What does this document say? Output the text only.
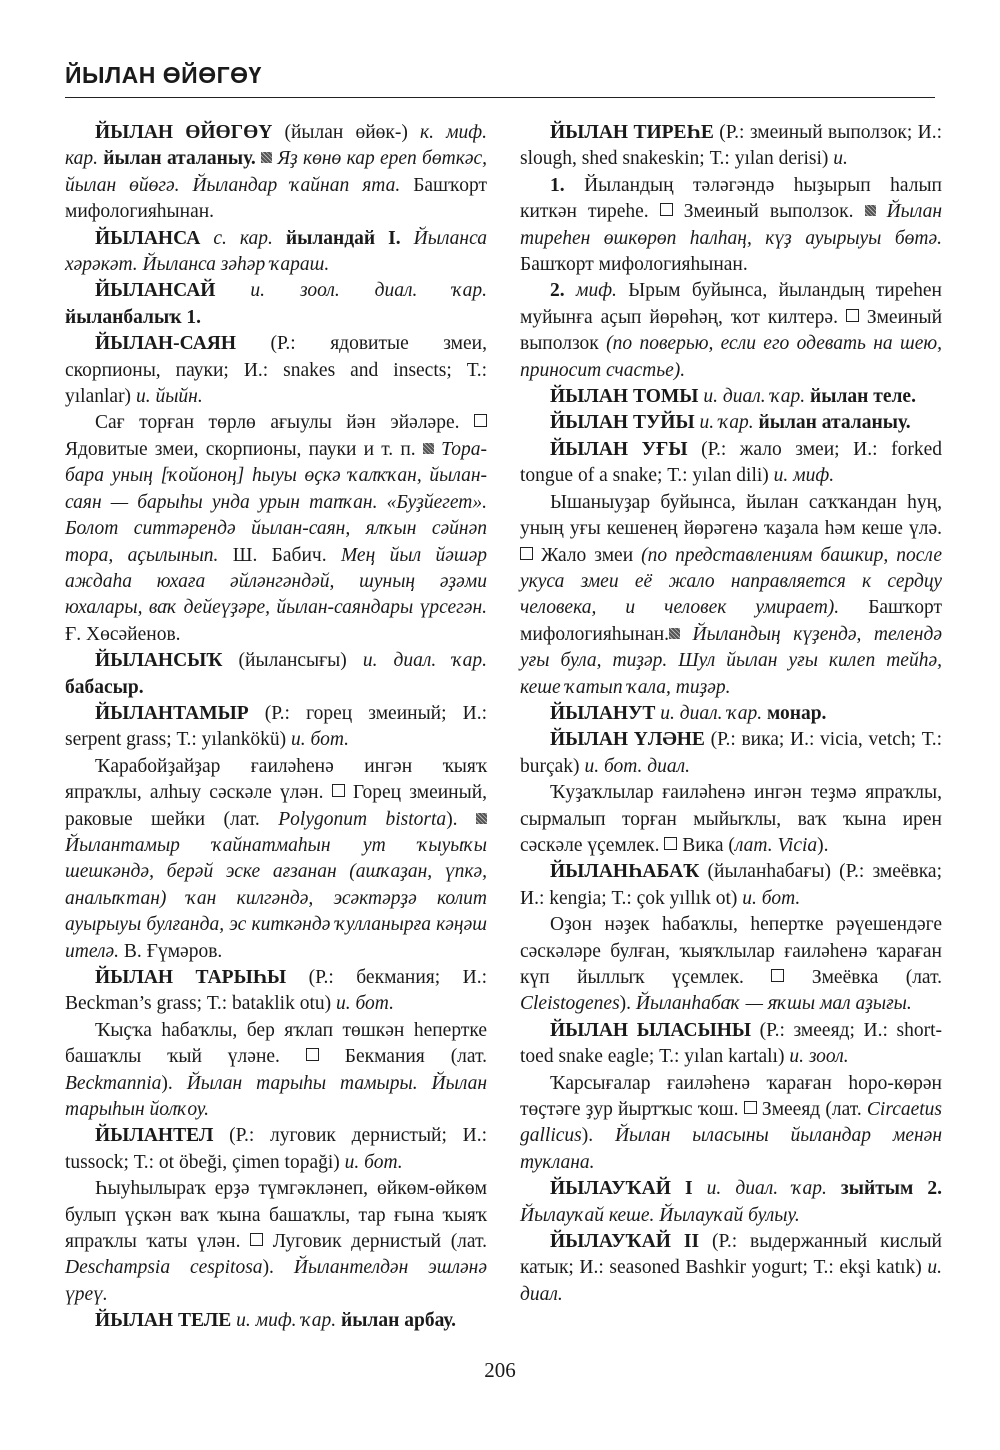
ЙЫЛАН ӨЙӨГӨҮ

ЙЫЛАН ӨЙӨГӨҮ (йылан өйөк-) к. миф. кар. йылан аталаныу.  Яҙ көнө кар ереп бөткәс, йылан өйөгә. Йыландар ҡайнап ята. Башҡорт мифологияһынан.

ЙЫЛАНСА с. кар. йыландай I. Йыланса хәрәкәт. Йыланса зәһәр ҡараш.

ЙЫЛАНСАЙ и. зоол. диал. ҡар. йыланбалыҡ 1.

ЙЫЛАН-САЯН (Р.: ядовитые змеи, скорпионы, пауки; И.: snakes and insects; Т.: yılanlar) и. йыйн.

Сағ торған төрлө ағыулы йән эйәләре.  Ядовитые змеи, скорпионы, пауки и т. п.  Тора-бара уның [ҡойоноң] һыуы өҫкә ҡалҡҡан, йылан-саян — барыһы унда урын тапҡан. «Буҙйегет». Болот ситтәрендә йылан-саян, ялҡын сәйнәп тора, аҫылынып. Ш. Бабич. Мең йыл йәшәр аждаһа юхаға әйләнгәндәй, шуның әҙәми юхалары, ваҡ дейеүҙәре, йылан-саяндары үрсегән. Ғ. Хөсәйенов.

ЙЫЛАНСЫҠ (йылансығы) и. диал. ҡар. бабасыр.

ЙЫЛАНТАМЫР (Р.: горец змеиный; И.: serpent grass; Т.: yılankökü) и. бот.

Ҡарабойҙайҙар ғаиләһенә ингән ҡыяҡ япраҡлы, алһыу сәскәле үлән.  Горец змеиный, раковые шейки (лат. Polygonum bistorta).  Йылантамыр ҡайнатмаһын ут ҡыуыҡы шешкәндә, берәй эске ағзанан (ашҡаҙан, үпкә, аналыҡтан) ҡан килгәндә, эсәктәрҙә колит ауырыуы булғанда, эс киткәндә ҡулланырға кәңәш ителә. В. Ғүмәров.

ЙЫЛАН ТАРЫҺЫ (Р.: бекмания; И.: Beckman’s grass; Т.: bataklik otu) и. бот.

Ҡыҫҡа һабаҡлы, бер яҡлап төшкән һепертке башаҡлы ҡый үләне.  Бекмания (лат. Beckmannia). Йылан тарыһы тамыры. Йылан тарыһын йолҡоу.

ЙЫЛАНТЕЛ (Р.: луговик дернистый; И.: tussock; Т.: ot öbeği, çimen topaği) и. бот.

Һыуһылыраҡ ерҙә түмгәкләнеп, өйкөм-өйкөм булып үҫкән ваҡ ҡына башаҡлы, тар ғына ҡыяҡ япраҡлы ҡаты үлән.  Луговик дернистый (лат. Deschampsia cespitosa). Йылантелдән эшләнә үреү.

ЙЫЛАН ТЕЛЕ и. миф. ҡар. йылан арбау.

ЙЫЛАН ТИРЕҺЕ (Р.: змеиный выползок; И.: slough, shed snakeskin; Т.: yılan derisi) и.

1. Йыландың тәләгәндә һыҙырып һалып киткән тиреһе.  Змеиный выползок.  Йылан тиреһен өшкөрөп һалһаң, күҙ ауырыуы бөтә. Башҡорт мифологияһынан.

2. миф. Ырым буйынса, йыландың тиреһен муйынға аҫып йөрөһәң, ҡот килтерә.  Змеиный выползок (по поверью, если его одевать на шею, приносит счастье).

ЙЫЛАН ТОМЫ и. диал. ҡар. йылан теле.

ЙЫЛАН ТУЙЫ и. ҡар. йылан аталаныу.

ЙЫЛАН УҒЫ (Р.: жало змеи; И.: forked tongue of a snake; Т.: yılan dili) и. миф.

Ышаныуҙар буйынса, йылан саҡҡандан һуң, уның уғы кешенең йөрәгенә ҡаҙала һәм кеше үлә.  Жало змеи (по представлениям башкир, после укуса змеи её жало направляется к сердцу человека, и человек умирает). Башҡорт мифологияһынан. Йыландың күҙендә, телендә уғы була, тиҙәр. Шул йылан уғы килеп тейһә, кеше ҡатып ҡала, тиҙәр.

ЙЫЛАНУТ и. диал. ҡар. монар.

ЙЫЛАН ҮЛӘНЕ (Р.: вика; И.: vicia, vetch; Т.: burçak) и. бот. диал.

Ҡуҙаҡлылар ғаиләһенә ингән теҙмә япраҡлы, сырмалып торған мыйыҡлы, ваҡ ҡына ирен сәскәле үҫемлек.  Вика (лат. Vicia).

ЙЫЛАНҺАБАҠ (йыланһабағы) (Р.: змеёвка; И.: kengia; Т.: çok yıllık ot) и. бот.

Оҙон нәҙек һабаҡлы, һепертке рәүешендәге сәскәләре булған, ҡыяҡлылар ғаиләһенә ҡараған күп йыллыҡ үҫемлек.  Змеёвка (лат. Cleistogenes). Йыланһабаҡ — яҡшы мал аҙығы.

ЙЫЛАН ЫЛАСЫНЫ (Р.: змееяд; И.: short-toed snake eagle; Т.: yılan kartalı) и. зоол.

Ҡарсығалар ғаиләһенә ҡараған һоро-көрән төҫтәге ҙур йыртҡыс ҡош.  Змееяд (лат. Circaetus gallicus). Йылан ыласыны йыландар менән туклана.

ЙЫЛАУҠАЙ I и. диал. ҡар. зыйтым 2. Йылауҡай кеше. Йылауҡай булыу.

ЙЫЛАУҠАЙ II (Р.: выдержанный кислый катык; И.: seasoned Bashkir yogurt; Т.: ekşi katık) и. диал.

206
